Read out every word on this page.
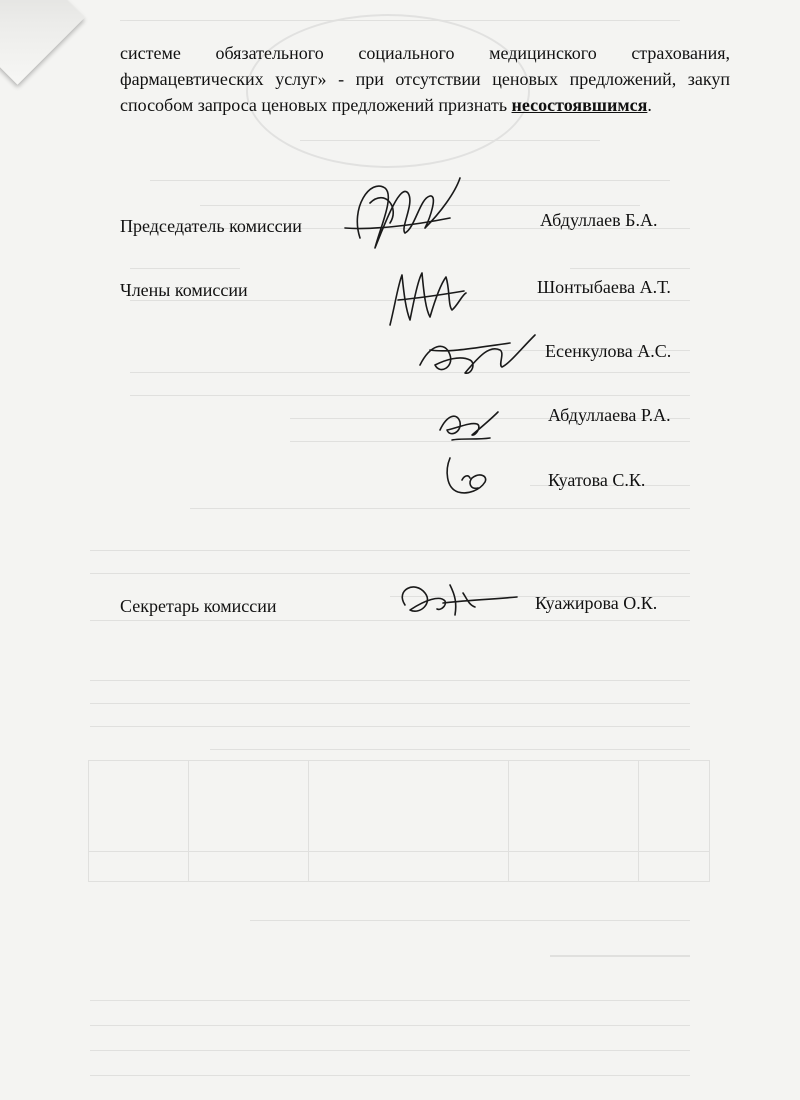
системе обязательного социального медицинского страхования,
фармацевтических услуг» - при отсутствии ценовых предложений, закуп
способом запроса ценовых предложений признать несостоявшимся.
Председатель комиссии	Абдуллаев Б.А.
Члены комиссии	Шонтыбаева А.Т.
Есенкулова А.С.
Абдуллаева Р.А.
Куатова С.К.
Секретарь комиссии	Куажирова О.К.
